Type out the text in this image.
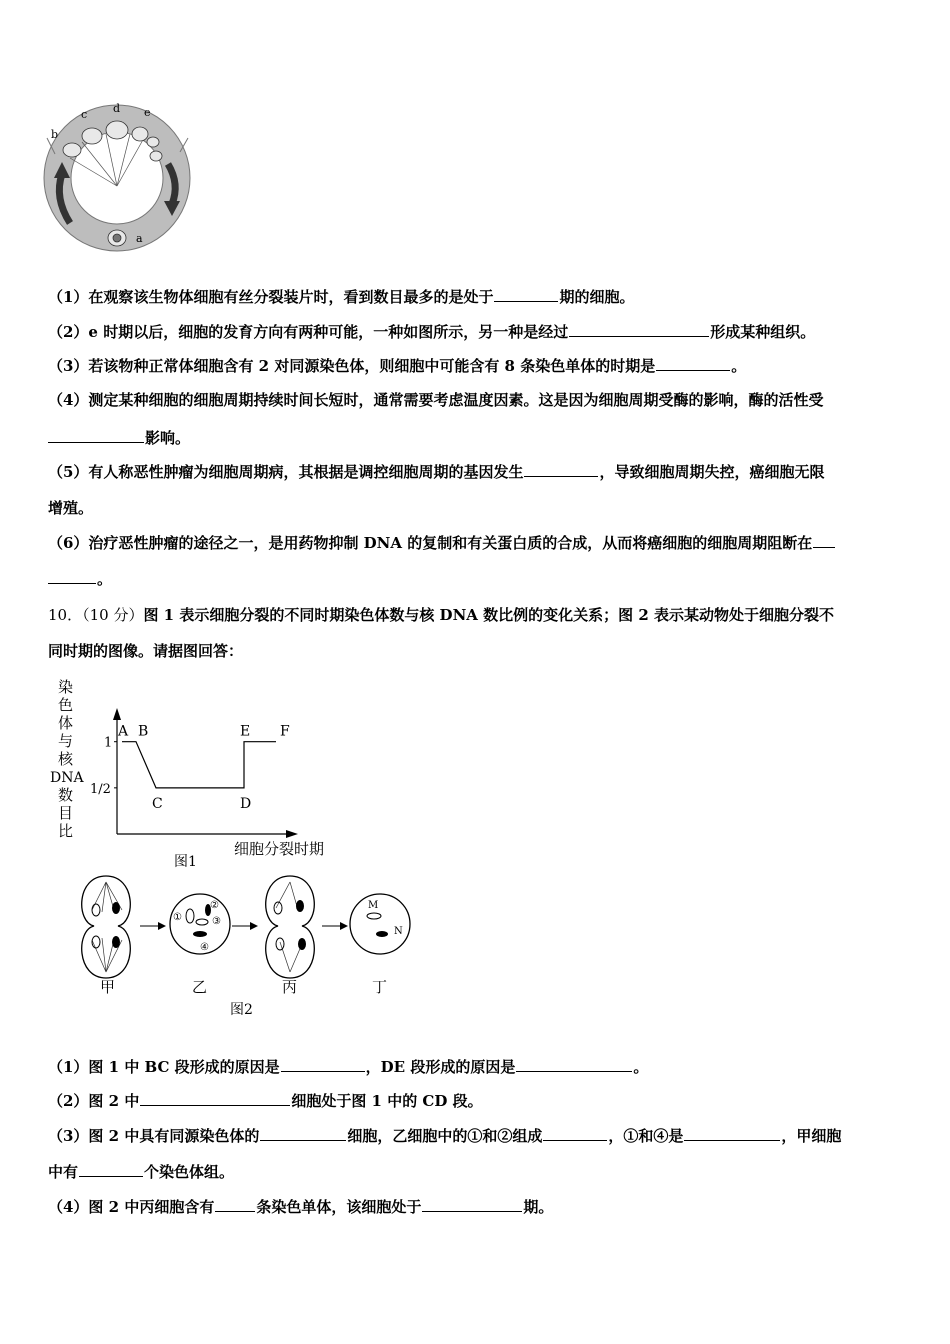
a
b
c d e
（1）在观察该生物体细胞有丝分裂装片时，看到数目最多的是处于	期的细胞。
（2）e 时期以后，细胞的发育方向有两种可能，一种如图所示，另一种是经过	形成某种组织。
（3）若该物种正常体细胞含有 2 对同源染色体，则细胞中可能含有 8 条染色单体的时期是	。
（4）测定某种细胞的细胞周期持续时间长短时，通常需要考虑温度因素。这是因为细胞周期受酶的影响，酶的活性受
影响。
（5）有人称恶性肿瘤为细胞周期病，其根据是调控细胞周期的基因发生	，导致细胞周期失控，癌细胞无限
增殖。
（6）治疗恶性肿瘤的途径之一，是用药物抑制 DNA 的复制和有关蛋白质的合成，从而将癌细胞的细胞周期阻断在
。
10．（10 分）图 1 表示细胞分裂的不同时期染色体数与核 DNA 数比例的变化关系；图 2 表示某动物处于细胞分裂不
同时期的图像。请据图回答：
染
色
体
与
核
DNA
数
目
比
1
1/2
A B
C	D
E F
细胞分裂时期
图1
①
②
③
④
M
N
甲	乙	丙	丁
图2
（1）图 1 中 BC 段形成的原因是	，DE 段形成的原因是	。
（2）图 2 中	细胞处于图 1 中的 CD 段。
（3）图 2 中具有同源染色体的	细胞，乙细胞中的①和②组成	，①和④是	，甲细胞
中有	个染色体组。
（4）图 2 中丙细胞含有	条染色单体，该细胞处于	期。
